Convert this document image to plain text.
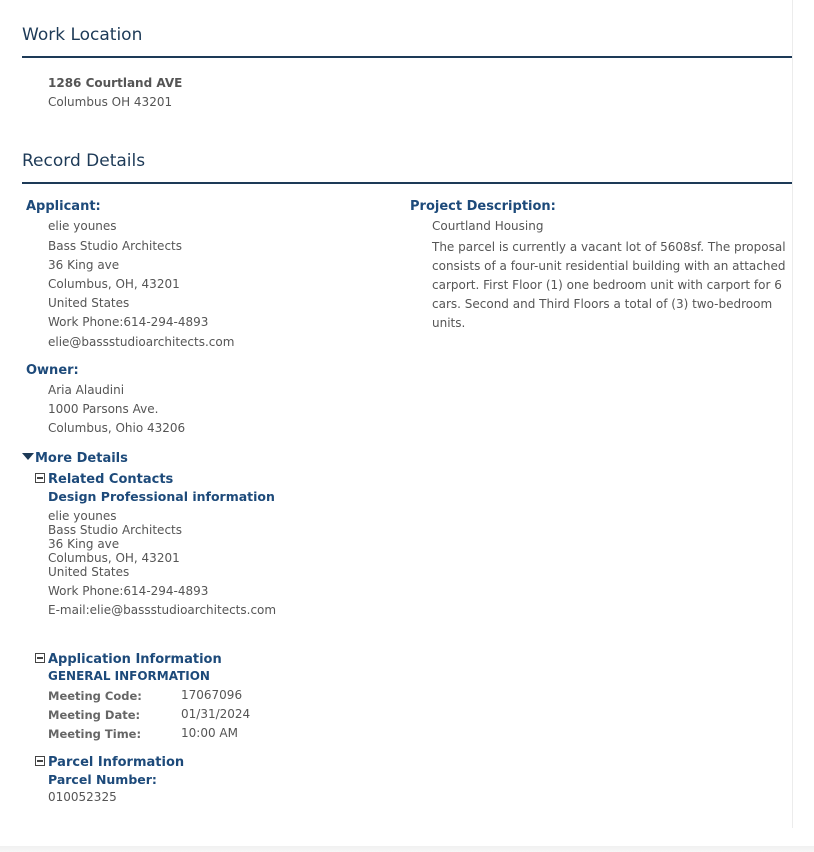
Work Location
1286 Courtland AVE
Columbus OH 43201
Record Details
Applicant:
elie younes
Bass Studio Architects
36 King ave
Columbus, OH, 43201
United States
Work Phone:614-294-4893
elie@bassstudioarchitects.com
Owner:
Aria Alaudini
1000 Parsons Ave.
Columbus, Ohio 43206
Project Description:
Courtland Housing
The parcel is currently a vacant lot of 5608sf. The proposal consists of a four-unit residential building with an attached carport. First Floor (1) one bedroom unit with carport for 6 cars. Second and Third Floors a total of (3) two-bedroom units.
More Details
Related Contacts
Design Professional information
elie younes
Bass Studio Architects
36 King ave
Columbus, OH, 43201
United States
Work Phone:614-294-4893
E-mail:elie@bassstudioarchitects.com
Application Information
GENERAL INFORMATION
Meeting Code:	17067096
Meeting Date:	01/31/2024
Meeting Time:	10:00 AM
Parcel Information
Parcel Number:
010052325
